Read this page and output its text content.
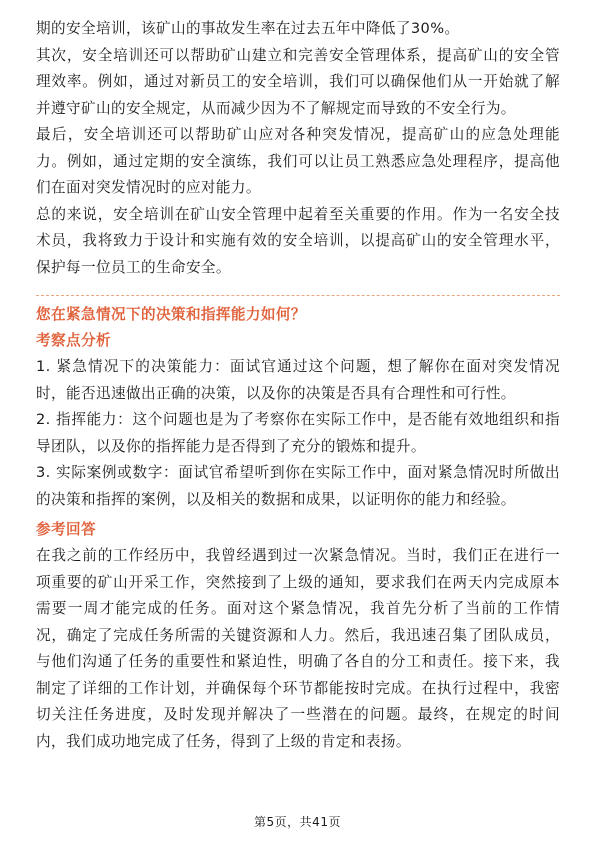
期的安全培训，该矿山的事故发生率在过去五年中降低了30%。

其次，安全培训还可以帮助矿山建立和完善安全管理体系，提高矿山的安全管理效率。例如，通过对新员工的安全培训，我们可以确保他们从一开始就了解并遵守矿山的安全规定，从而减少因为不了解规定而导致的不安全行为。

最后，安全培训还可以帮助矿山应对各种突发情况，提高矿山的应急处理能力。例如，通过定期的安全演练，我们可以让员工熟悉应急处理程序，提高他们在面对突发情况时的应对能力。

总的来说，安全培训在矿山安全管理中起着至关重要的作用。作为一名安全技术员，我将致力于设计和实施有效的安全培训，以提高矿山的安全管理水平，保护每一位员工的生命安全。

您在紧急情况下的决策和指挥能力如何？

考察点分析

1. 紧急情况下的决策能力：面试官通过这个问题，想了解你在面对突发情况时，能否迅速做出正确的决策，以及你的决策是否具有合理性和可行性。

2. 指挥能力：这个问题也是为了考察你在实际工作中，是否能有效地组织和指导团队，以及你的指挥能力是否得到了充分的锻炼和提升。

3. 实际案例或数字：面试官希望听到你在实际工作中，面对紧急情况时所做出的决策和指挥的案例，以及相关的数据和成果，以证明你的能力和经验。

参考回答

在我之前的工作经历中，我曾经遇到过一次紧急情况。当时，我们正在进行一项重要的矿山开采工作，突然接到了上级的通知，要求我们在两天内完成原本需要一周才能完成的任务。面对这个紧急情况，我首先分析了当前的工作情况，确定了完成任务所需的关键资源和人力。然后，我迅速召集了团队成员，与他们沟通了任务的重要性和紧迫性，明确了各自的分工和责任。接下来，我制定了详细的工作计划，并确保每个环节都能按时完成。在执行过程中，我密切关注任务进度，及时发现并解决了一些潜在的问题。最终，在规定的时间内，我们成功地完成了任务，得到了上级的肯定和表扬。

第5页，共41页
